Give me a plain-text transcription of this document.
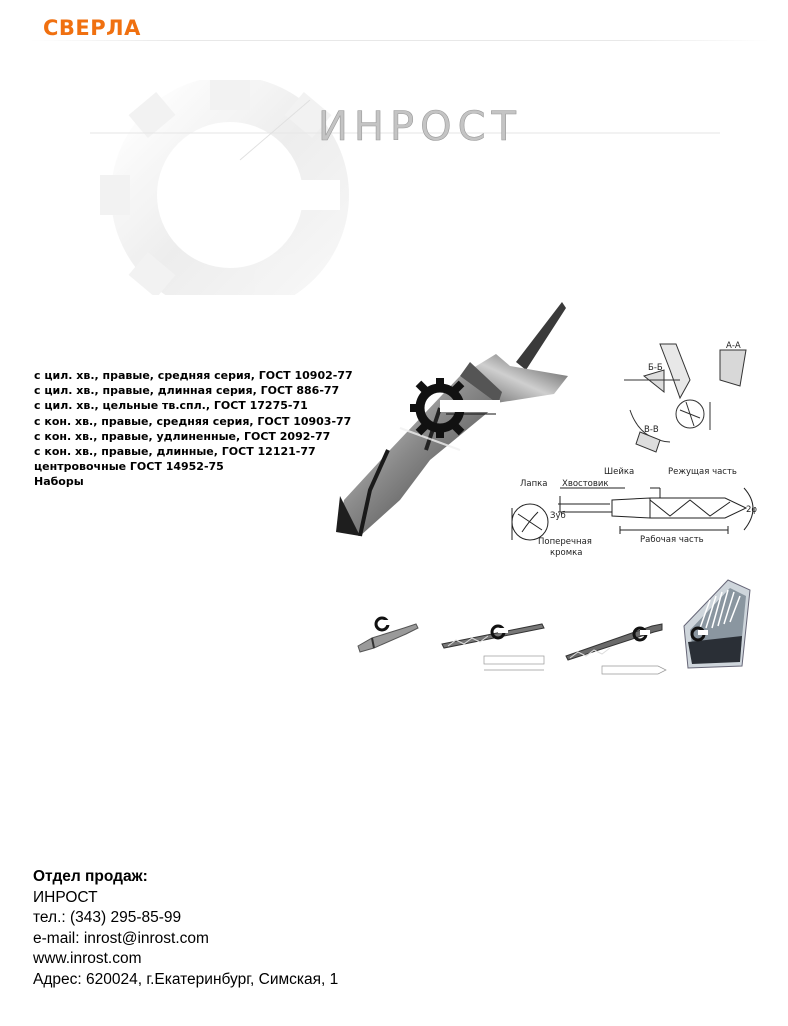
СВЕРЛА
ИНРОСТ
с цил. хв., правые, средняя серия, ГОСТ 10902-77
с цил. хв., правые, длинная серия, ГОСТ 886-77
с цил. хв., цельные тв.спл., ГОСТ 17275-71
с кон. хв., правые, средняя серия, ГОСТ 10903-77
с кон. хв., правые, удлиненные, ГОСТ 2092-77
с кон. хв., правые, длинные, ГОСТ 12121-77
центровочные ГОСТ 14952-75
Наборы
А-А
Б-Б
В-В
Лапка Хвостовик
Шейка	Режущая часть
Зуб
Рабочая часть
Поперечная
кромка
2φ
Отдел продаж:
ИНРОСТ
тел.: (343) 295-85-99
e-mail: inrost@inrost.com
www.inrost.com
Адрес: 620024, г.Екатеринбург, Симская, 1
